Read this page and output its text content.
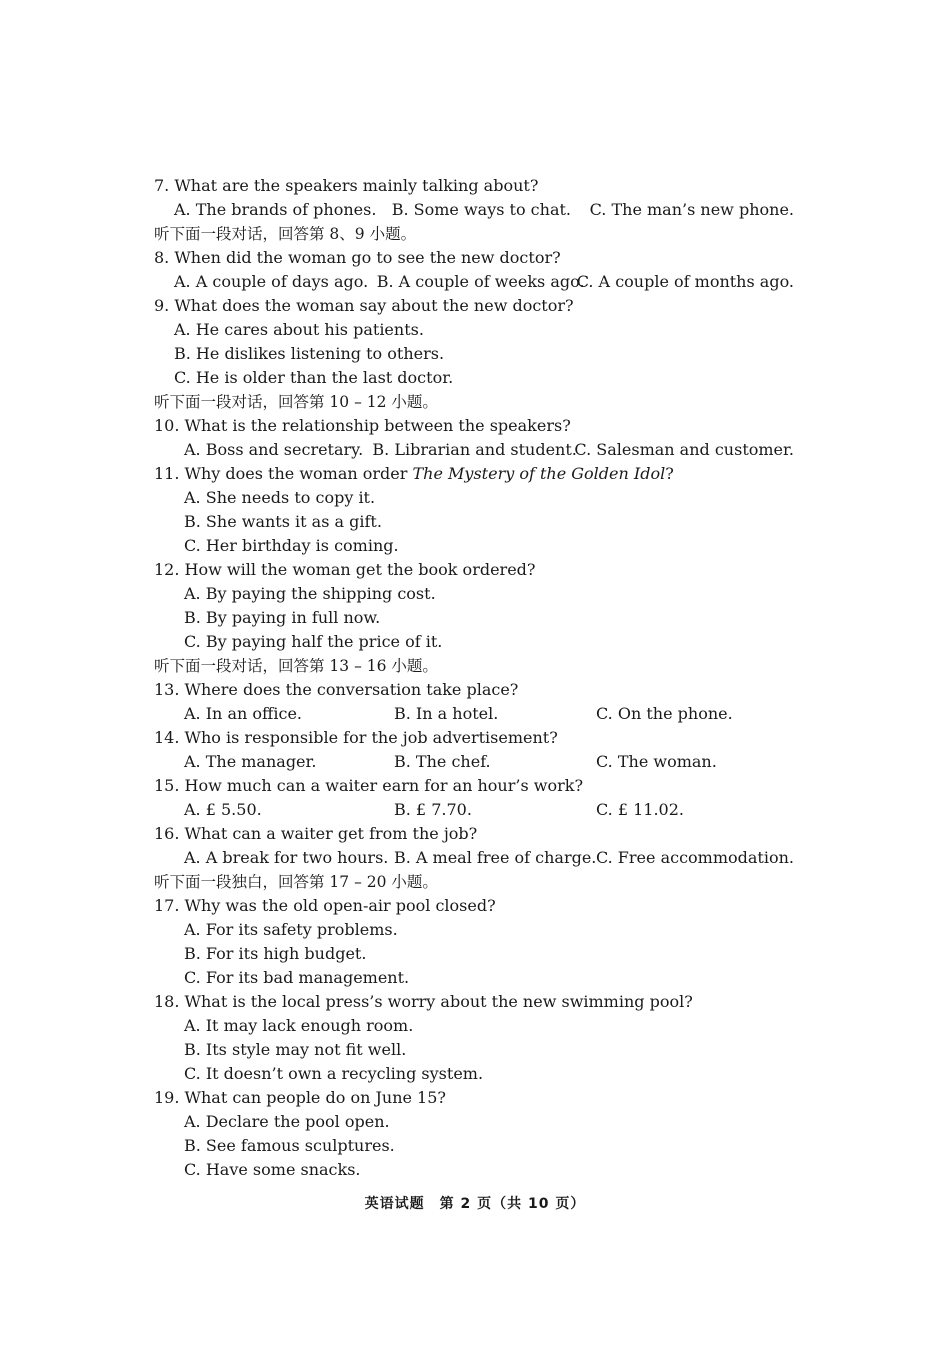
7. What are the speakers mainly talking about?
A. The brands of phones. B. Some ways to chat.	C. The man’s new phone.
听下面一段对话，回答第 8、9 小题。
8. When did the woman go to see the new doctor?
A. A couple of days ago. B. A couple of weeks ago.
C. A couple of months ago.
9. What does the woman say about the new doctor?
A. He cares about his patients.
B. He dislikes listening to others.
C. He is older than the last doctor.
听下面一段对话，回答第 10 – 12 小题。
10. What is the relationship between the speakers?
A. Boss and secretary. B. Librarian and student.
C. Salesman and customer.
11. Why does the woman order The Mystery of the Golden Idol?
A. She needs to copy it.
B. She wants it as a gift.
C. Her birthday is coming.
12. How will the woman get the book ordered?
A. By paying the shipping cost.
B. By paying in full now.
C. By paying half the price of it.
听下面一段对话，回答第 13 – 16 小题。
13. Where does the conversation take place?
A. In an office.	B. In a hotel.	C. On the phone.
14. Who is responsible for the job advertisement?
A. The manager.	B. The chef.	C. The woman.
15. How much can a waiter earn for an hour’s work?
A. £ 5.50.	B. £ 7.70.	C. £ 11.02.
16. What can a waiter get from the job?
A. A break for two hours. B. A meal free of charge. C. Free accommodation.
听下面一段独白，回答第 17 – 20 小题。
17. Why was the old open-air pool closed?
A. For its safety problems.
B. For its high budget.
C. For its bad management.
18. What is the local press’s worry about the new swimming pool?
A. It may lack enough room.
B. Its style may not fit well.
C. It doesn’t own a recycling system.
19. What can people do on June 15?
A. Declare the pool open.
B. See famous sculptures.
C. Have some snacks.
英语试题　第 2 页（共 10 页）
